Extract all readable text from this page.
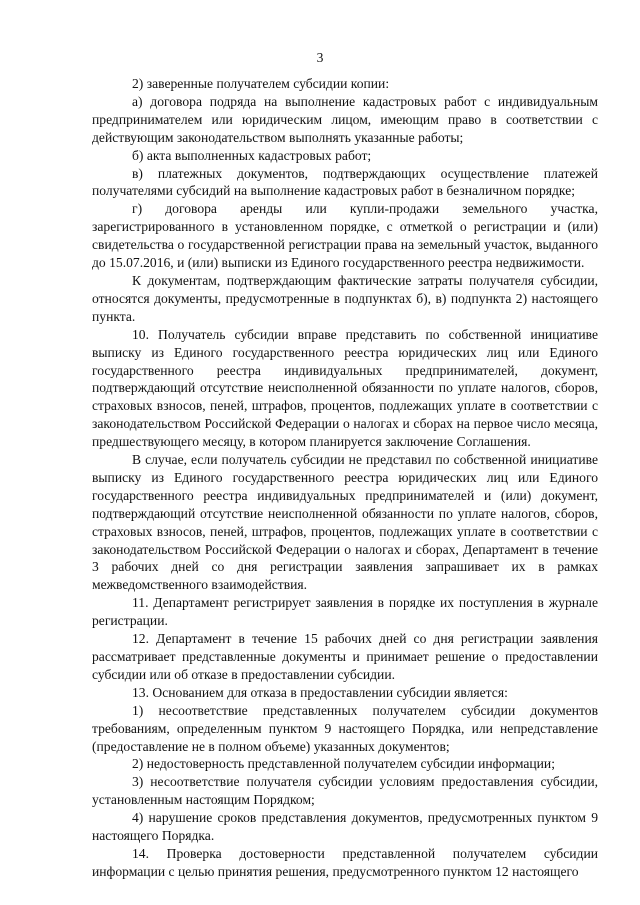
3

2) заверенные получателем субсидии копии:

а) договора подряда на выполнение кадастровых работ с индивидуальным предпринимателем или юридическим лицом, имеющим право в соответствии с действующим законодательством выполнять указанные работы;

б) акта выполненных кадастровых работ;

в) платежных документов, подтверждающих осуществление платежей получателями субсидий на выполнение кадастровых работ в безналичном порядке;

г) договора аренды или купли-продажи земельного участка, зарегистрированного в установленном порядке, с отметкой о регистрации и (или) свидетельства о государственной регистрации права на земельный участок, выданного до 15.07.2016, и (или) выписки из Единого государственного реестра недвижимости.

К документам, подтверждающим фактические затраты получателя субсидии, относятся документы, предусмотренные в подпунктах б), в) подпункта 2) настоящего пункта.

10. Получатель субсидии вправе представить по собственной инициативе выписку из Единого государственного реестра юридических лиц или Единого государственного реестра индивидуальных предпринимателей, документ, подтверждающий отсутствие неисполненной обязанности по уплате налогов, сборов, страховых взносов, пеней, штрафов, процентов, подлежащих уплате в соответствии с законодательством Российской Федерации о налогах и сборах на первое число месяца, предшествующего месяцу, в котором планируется заключение Соглашения.

В случае, если получатель субсидии не представил по собственной инициативе выписку из Единого государственного реестра юридических лиц или Единого государственного реестра индивидуальных предпринимателей и (или) документ, подтверждающий отсутствие неисполненной обязанности по уплате налогов, сборов, страховых взносов, пеней, штрафов, процентов, подлежащих уплате в соответствии с законодательством Российской Федерации о налогах и сборах, Департамент в течение 3 рабочих дней со дня регистрации заявления запрашивает их в рамках межведомственного взаимодействия.

11. Департамент регистрирует заявления в порядке их поступления в журнале регистрации.

12. Департамент в течение 15 рабочих дней со дня регистрации заявления рассматривает представленные документы и принимает решение о предоставлении субсидии или об отказе в предоставлении субсидии.

13. Основанием для отказа в предоставлении субсидии является:

1) несоответствие представленных получателем субсидии документов требованиям, определенным пунктом 9 настоящего Порядка, или непредставление (предоставление не в полном объеме) указанных документов;

2) недостоверность представленной получателем субсидии информации;

3) несоответствие получателя субсидии условиям предоставления субсидии, установленным настоящим Порядком;

4) нарушение сроков представления документов, предусмотренных пунктом 9 настоящего Порядка.

14. Проверка достоверности представленной получателем субсидии информации с целью принятия решения, предусмотренного пунктом 12 настоящего
